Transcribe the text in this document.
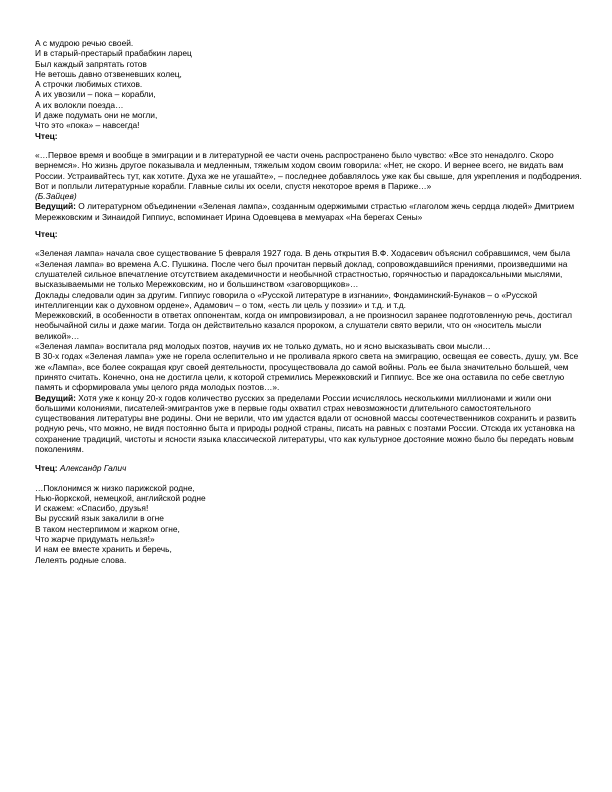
А с мудрою речью своей.
И в старый-престарый прабабкин ларец
Был каждый запрятать готов
Не ветошь давно отзвеневших колец,
А строчки любимых стихов.
А их увозили – пока – корабли,
А их волокли поезда…
И даже подумать они не могли,
Что это «пока» – навсегда!
Чтец:
«…Первое время и вообще в эмиграции и в литературной ее части очень распространено было чувство: «Все это ненадолго. Скоро вернемся». Но жизнь другое показывала и медленным, тяжелым ходом своим говорила: «Нет, не скоро. И вернее всего, не видать вам России. Устраивайтесь тут, как хотите. Духа же не угашайте», – последнее добавлялось уже как бы свыше, для укрепления и подбодрения.
Вот и поплыли литературные корабли. Главные силы их осели, спустя некоторое время в Париже…»
(Б.Зайцев)
Ведущий: О литературном объединении «Зеленая лампа», созданным одержимыми страстью «глаголом жечь сердца людей» Дмитрием Мережковским и Зинаидой Гиппиус, вспоминает Ирина Одоевцева в мемуарах «На берегах Сены»
Чтец:
«Зеленая лампа» начала свое существование 5 февраля 1927 года. В день открытия В.Ф. Ходасевич объяснил собравшимся, чем была «Зеленая лампа» во времена А.С. Пушкина. После чего был прочитан первый доклад, сопровождавшийся прениями, произведшими на слушателей сильное впечатление отсутствием академичности и необычной страстностью, горячностью и парадоксальными мыслями, высказываемыми не только Мережковским, но и большинством «заговорщиков»…
Доклады следовали один за другим. Гиппиус говорила о «Русской литературе в изгнании», Фондаминский-Бунаков – о «Русской интеллигенции как о духовном ордене», Адамович – о том, «есть ли цель у поэзии» и т.д. и т.д.
Мережковский, в особенности в ответах оппонентам, когда он импровизировал, а не произносил заранее подготовленную речь, достигал необычайной силы и даже магии. Тогда он действительно казался пророком, а слушатели свято верили, что он «носитель мысли великой»…
«Зеленая лампа» воспитала ряд молодых поэтов, научив их не только думать, но и ясно высказывать свои мысли…
В 30-х годах «Зеленая лампа» уже не горела ослепительно и не проливала яркого света на эмиграцию, освещая ее совесть, душу, ум. Все же «Лампа», все более сокращая круг своей деятельности, просуществовала до самой войны. Роль ее была значительно большей, чем принято считать. Конечно, она не достигла цели, к которой стремились Мережковский и Гиппиус. Все же она оставила по себе светлую память и сформировала умы целого ряда молодых поэтов…».
Ведущий: Хотя уже к концу 20-х годов количество русских за пределами России исчислялось несколькими миллионами и жили они большими колониями, писателей-эмигрантов уже в первые годы охватил страх невозможности длительного самостоятельного существования литературы вне родины. Они не верили, что им удастся вдали от основной массы соотечественников сохранить и развить родную речь, что можно, не видя постоянно быта и природы родной страны, писать на равных с поэтами России. Отсюда их установка на сохранение традиций, чистоты и ясности языка классической литературы, что как культурное достояние можно было бы передать новым поколениям.
Чтец: Александр Галич
…Поклонимся ж низко парижской родне,
Нью-йоркской, немецкой, английской родне
И скажем: «Спасибо, друзья!
Вы русский язык закалили в огне
В таком нестерпимом и жарком огне,
Что жарче придумать нельзя!»
И нам ее вместе хранить и беречь,
Лелеять родные слова.
